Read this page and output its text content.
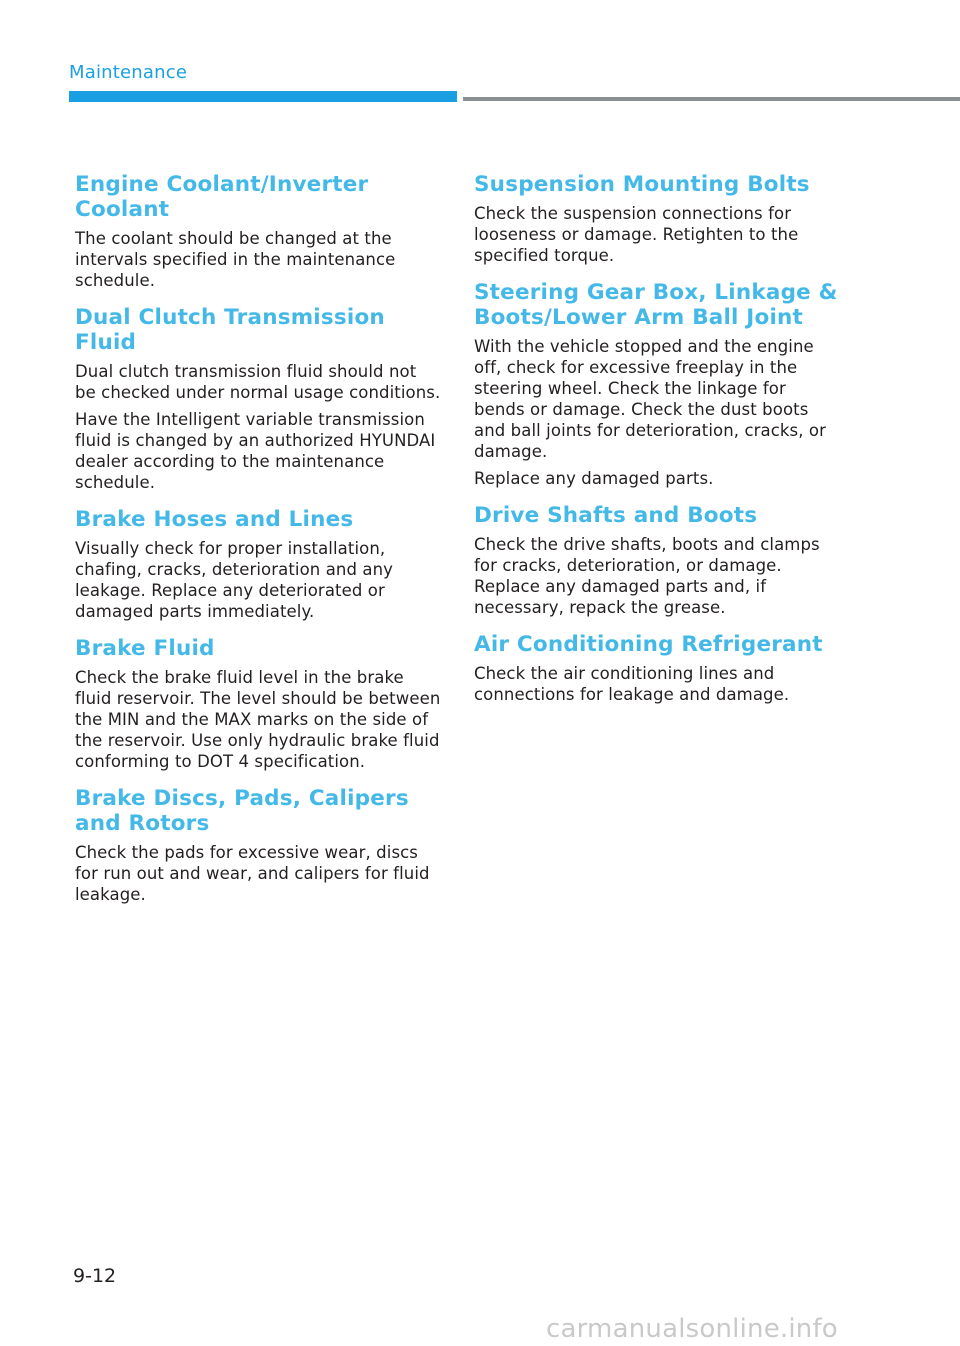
Maintenance
Engine Coolant/Inverter Coolant

The coolant should be changed at the intervals specified in the maintenance schedule.

Dual Clutch Transmission Fluid

Dual clutch transmission fluid should not be checked under normal usage conditions.

Have the Intelligent variable transmission fluid is changed by an authorized HYUNDAI dealer according to the maintenance schedule.

Brake Hoses and Lines

Visually check for proper installation, chafing, cracks, deterioration and any leakage. Replace any deteriorated or damaged parts immediately.

Brake Fluid

Check the brake fluid level in the brake fluid reservoir. The level should be between the MIN and the MAX marks on the side of the reservoir. Use only hydraulic brake fluid conforming to DOT 4 specification.

Brake Discs, Pads, Calipers and Rotors

Check the pads for excessive wear, discs for run out and wear, and calipers for fluid leakage.

Suspension Mounting Bolts

Check the suspension connections for looseness or damage. Retighten to the specified torque.

Steering Gear Box, Linkage & Boots/Lower Arm Ball Joint

With the vehicle stopped and the engine off, check for excessive freeplay in the steering wheel. Check the linkage for bends or damage. Check the dust boots and ball joints for deterioration, cracks, or damage.

Replace any damaged parts.

Drive Shafts and Boots

Check the drive shafts, boots and clamps for cracks, deterioration, or damage. Replace any damaged parts and, if necessary, repack the grease.

Air Conditioning Refrigerant

Check the air conditioning lines and connections for leakage and damage.

9-12
carmanualsonline.info
